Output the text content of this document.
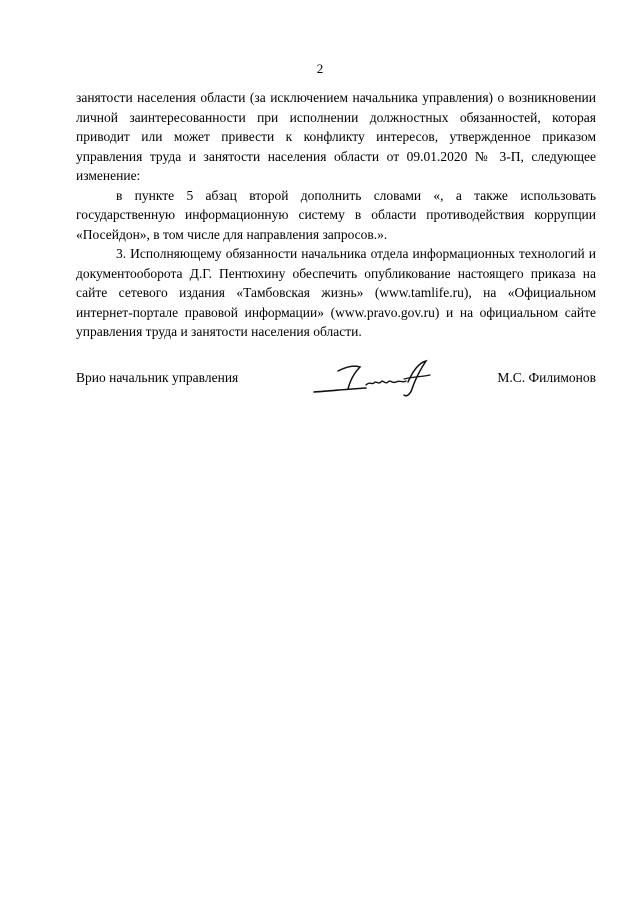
2

занятости населения области (за исключением начальника управления) о возникновении личной заинтересованности при исполнении должностных обязанностей, которая приводит или может привести к конфликту интересов, утвержденное приказом управления труда и занятости населения области от 09.01.2020 № 3-П, следующее изменение:

в пункте 5 абзац второй дополнить словами «, а также использовать государственную информационную систему в области противодействия коррупции «Посейдон», в том числе для направления запросов.».

3. Исполняющему обязанности начальника отдела информационных технологий и документооборота Д.Г. Пентюхину обеспечить опубликование настоящего приказа на сайте сетевого издания «Тамбовская жизнь» (www.tamlife.ru), на «Официальном интернет-портале правовой информации» (www.pravo.gov.ru) и на официальном сайте управления труда и занятости населения области.

Врио начальник управления	М.С. Филимонов
